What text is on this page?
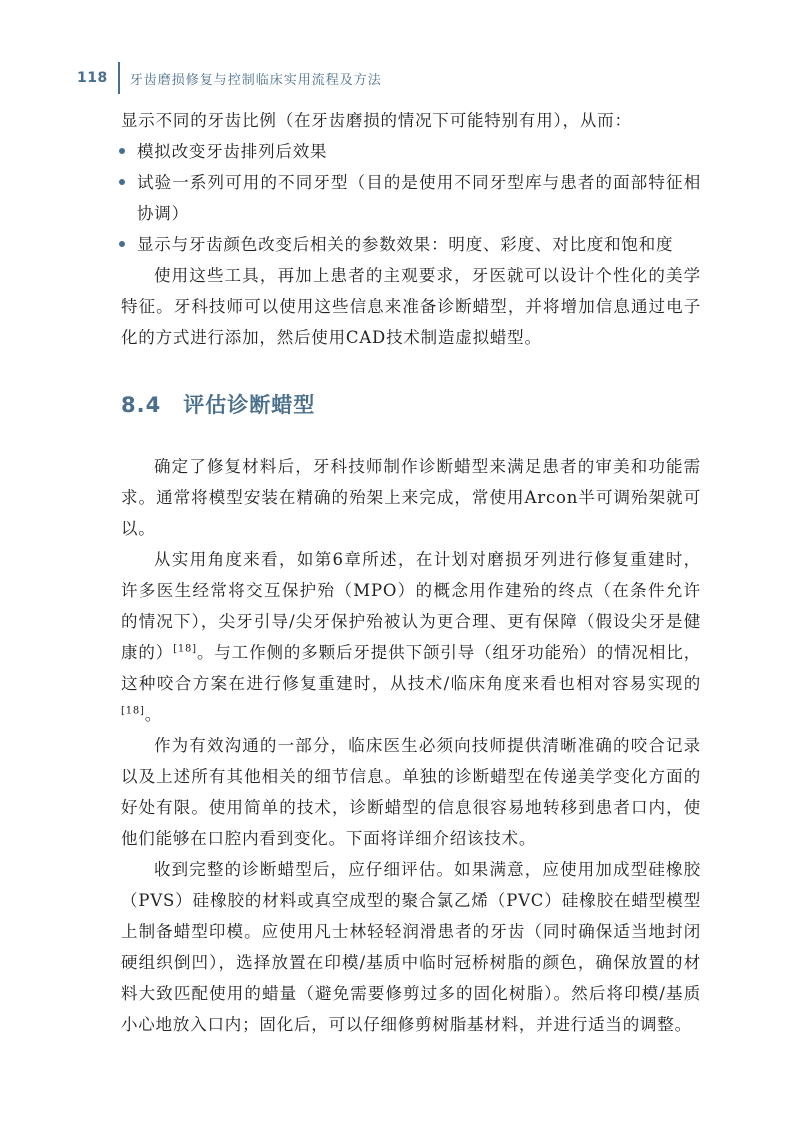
118 牙齿磨损修复与控制临床实用流程及方法

显示不同的牙齿比例（在牙齿磨损的情况下可能特别有用），从而：

模拟改变牙齿排列后效果
试验一系列可用的不同牙型（目的是使用不同牙型库与患者的面部特征相协调）
显示与牙齿颜色改变后相关的参数效果：明度、彩度、对比度和饱和度

使用这些工具，再加上患者的主观要求，牙医就可以设计个性化的美学特征。牙科技师可以使用这些信息来准备诊断蜡型，并将增加信息通过电子化的方式进行添加，然后使用CAD技术制造虚拟蜡型。

8.4 评估诊断蜡型

确定了修复材料后，牙科技师制作诊断蜡型来满足患者的审美和功能需求。通常将模型安装在精确的殆架上来完成，常使用Arcon半可调殆架就可以。

从实用角度来看，如第6章所述，在计划对磨损牙列进行修复重建时，许多医生经常将交互保护殆（MPO）的概念用作建殆的终点（在条件允许的情况下），尖牙引导/尖牙保护殆被认为更合理、更有保障（假设尖牙是健康的）[18]。与工作侧的多颗后牙提供下颌引导（组牙功能殆）的情况相比，这种咬合方案在进行修复重建时，从技术/临床角度来看也相对容易实现的[18]。

作为有效沟通的一部分，临床医生必须向技师提供清晰准确的咬合记录以及上述所有其他相关的细节信息。单独的诊断蜡型在传递美学变化方面的好处有限。使用简单的技术，诊断蜡型的信息很容易地转移到患者口内，使他们能够在口腔内看到变化。下面将详细介绍该技术。

收到完整的诊断蜡型后，应仔细评估。如果满意，应使用加成型硅橡胶（PVS）硅橡胶的材料或真空成型的聚合氯乙烯（PVC）硅橡胶在蜡型模型上制备蜡型印模。应使用凡士林轻轻润滑患者的牙齿（同时确保适当地封闭硬组织倒凹），选择放置在印模/基质中临时冠桥树脂的颜色，确保放置的材料大致匹配使用的蜡量（避免需要修剪过多的固化树脂）。然后将印模/基质小心地放入口内；固化后，可以仔细修剪树脂基材料，并进行适当的调整。
